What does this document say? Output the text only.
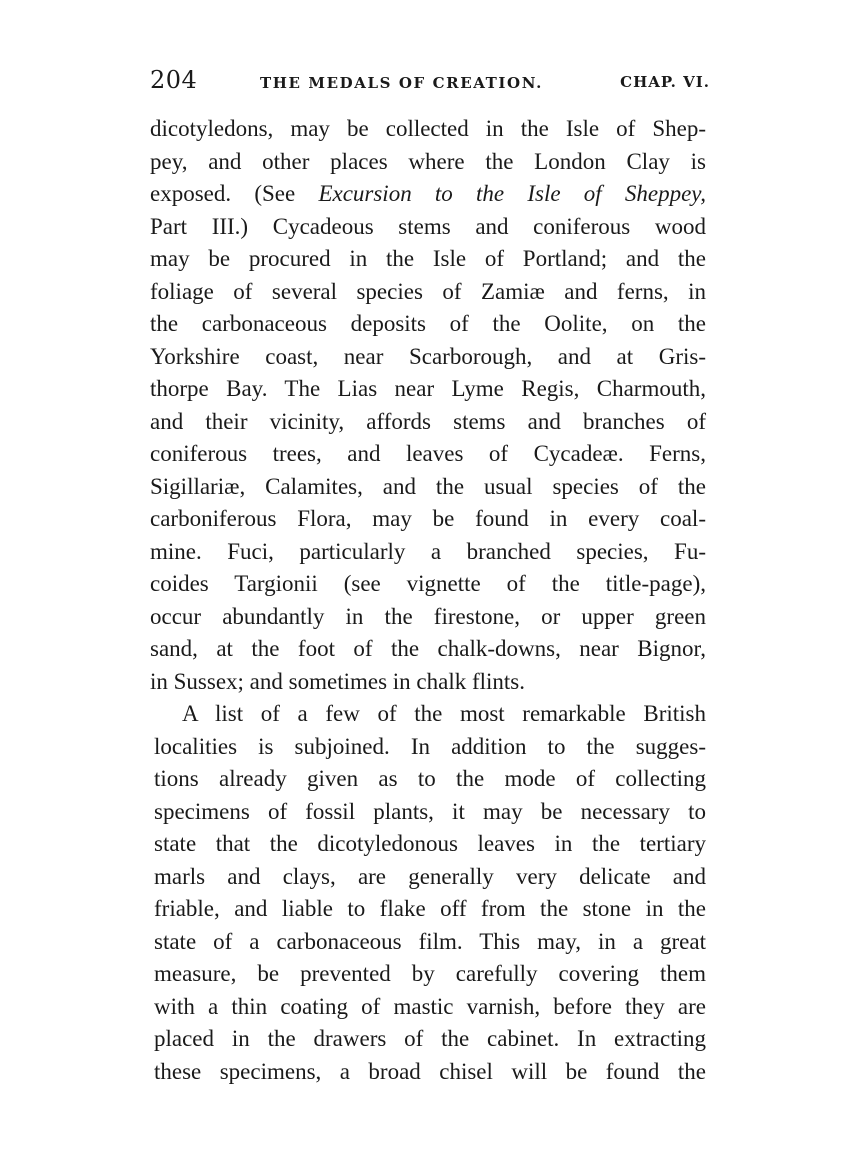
204	THE MEDALS OF CREATION.	CHAP. VI.
dicotyledons, may be collected in the Isle of Shep-
pey, and other places where the London Clay is
exposed. (See Excursion to the Isle of Sheppey,
Part III.) Cycadeous stems and coniferous wood
may be procured in the Isle of Portland; and the
foliage of several species of Zamiæ and ferns, in
the carbonaceous deposits of the Oolite, on the
Yorkshire coast, near Scarborough, and at Gris-
thorpe Bay. The Lias near Lyme Regis, Charmouth,
and their vicinity, affords stems and branches of
coniferous trees, and leaves of Cycadeæ. Ferns,
Sigillariæ, Calamites, and the usual species of the
carboniferous Flora, may be found in every coal-
mine. Fuci, particularly a branched species, Fu-
coides Targionii (see vignette of the title-page),
occur abundantly in the firestone, or upper green
sand, at the foot of the chalk-downs, near Bignor,
in Sussex; and sometimes in chalk flints.
A list of a few of the most remarkable British
localities is subjoined. In addition to the sugges-
tions already given as to the mode of collecting
specimens of fossil plants, it may be necessary to
state that the dicotyledonous leaves in the tertiary
marls and clays, are generally very delicate and
friable, and liable to flake off from the stone in the
state of a carbonaceous film. This may, in a great
measure, be prevented by carefully covering them
with a thin coating of mastic varnish, before they are
placed in the drawers of the cabinet. In extracting
these specimens, a broad chisel will be found the
